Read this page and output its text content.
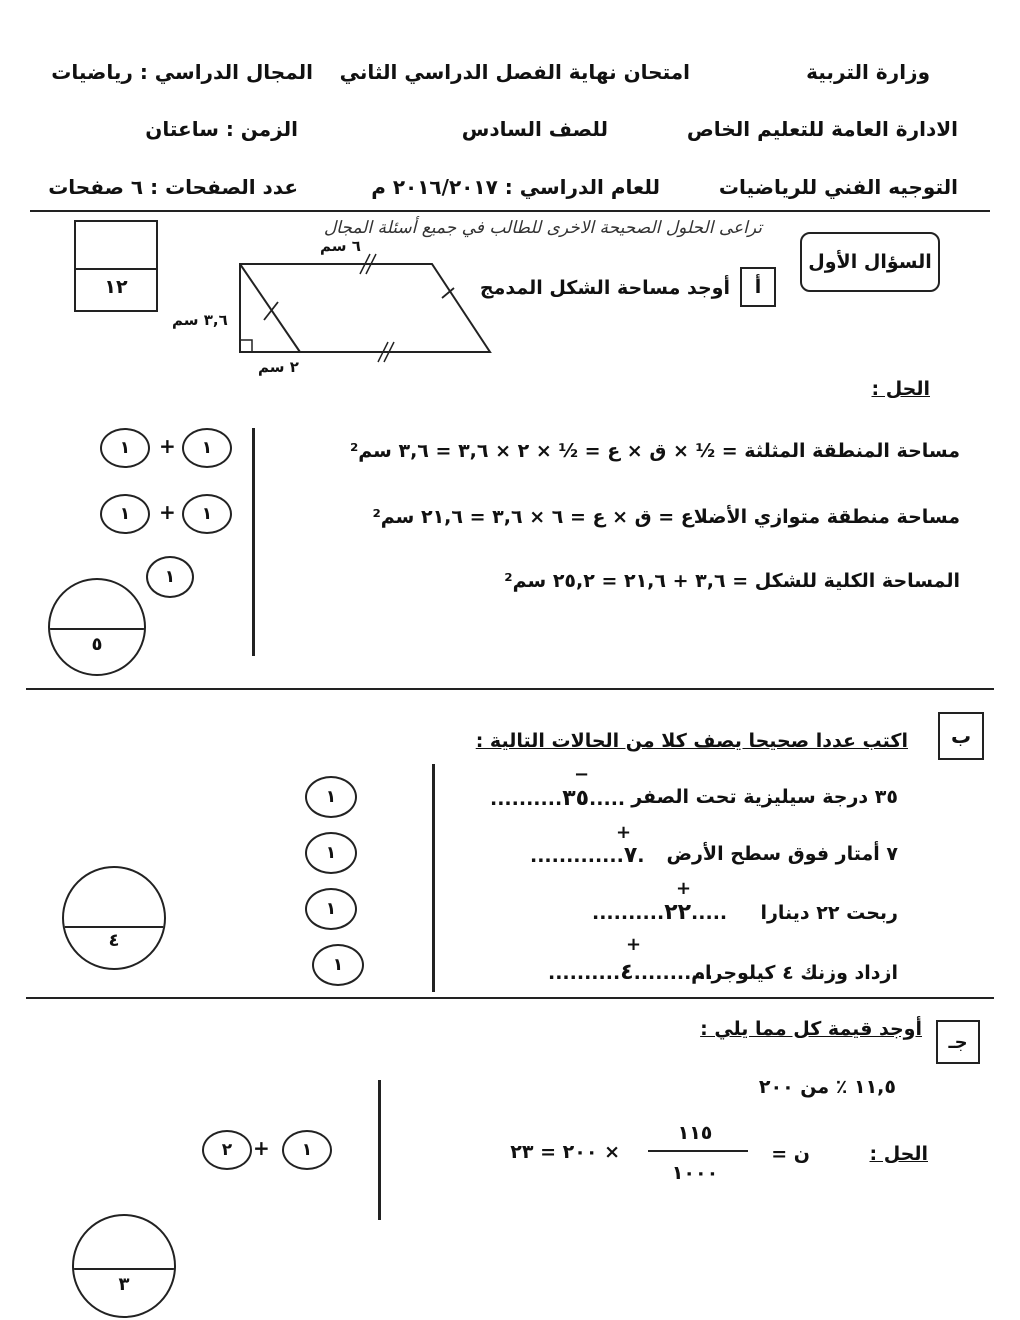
وزارة التربية
امتحان نهاية الفصل الدراسي الثاني
المجال الدراسي : رياضيات
الادارة العامة للتعليم الخاص
للصف السادس
الزمن : ساعتان
التوجيه الفني للرياضيات
للعام الدراسي : ٢٠١٦/٢٠١٧ م
عدد الصفحات : ٦ صفحات
١٢
تراعى الحلول الصحيحة الاخرى للطالب في جميع أسئلة المجال
السؤال الأول
أ
أوجد مساحة الشكل المدمج
٦ سم
٣,٦ سم
٢ سم
الحل :
مساحة المنطقة المثلثة = ½ × ق × ع = ½ × ٢ × ٣,٦ = ٣,٦ سم²
مساحة منطقة متوازي الأضلاع = ق × ع = ٦ × ٣,٦ = ٢١,٦ سم²
المساحة الكلية للشكل = ٣,٦ + ٢١,٦ = ٢٥,٢ سم²
١	+	١
١	+	١
١
٥
ب
اكتب عددا صحيحا يصف كلا من الحالات التالية :
٣٥ درجة سيليزية تحت الصفر
..........٣٥.....
−
٧ أمتار فوق سطح الأرض
.............٧.
+
ربحت ٢٢ دينارا
..........٢٢.....
+
ازداد وزنك ٤ كيلوجرام
..........٤...........
+
١
١
١
١
٤
جـ
أوجد قيمة كل مما يلي :
١١,٥ ٪ من ٢٠٠
الحل :
ن =
١١٥
١٠٠٠
× ٢٠٠ = ٢٣
١
+
٢
٣
